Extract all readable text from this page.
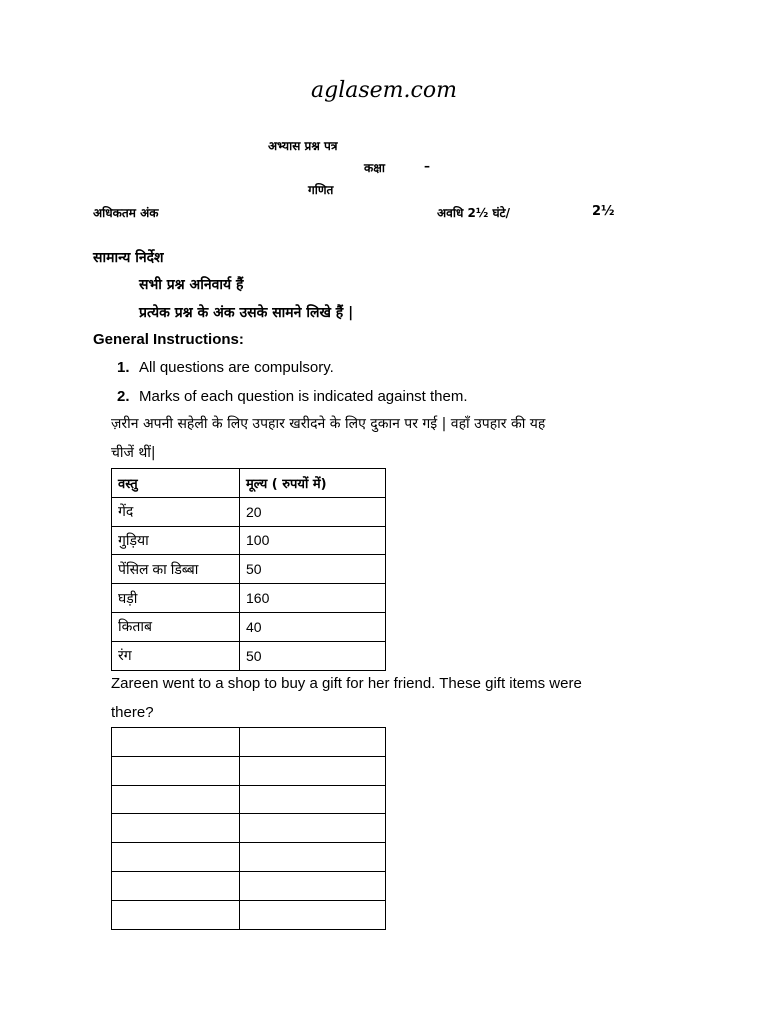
aglasem.com
अभ्यास प्रश्न पत्र
कक्षा	–
गणित
अधिकतम अंक	अवधि 2½ घंटे/	2½
सामान्य निर्देश
सभी प्रश्न अनिवार्य हैं
प्रत्येक प्रश्न के अंक उसके सामने लिखे हैं |
General Instructions:
1. All questions are compulsory.
2. Marks of each question is indicated against them.
ज़रीन अपनी सहेली के लिए उपहार खरीदने के लिए दुकान पर गई | वहाँ उपहार की यह
चीजें थीं|
वस्तु	मूल्य ( रुपयों में)
गेंद	20
गुड़िया	100
पेंसिल का डिब्बा	50
घड़ी	160
किताब	40
रंग	50
Zareen went to a shop to buy a gift for her friend. These gift items were
there?
